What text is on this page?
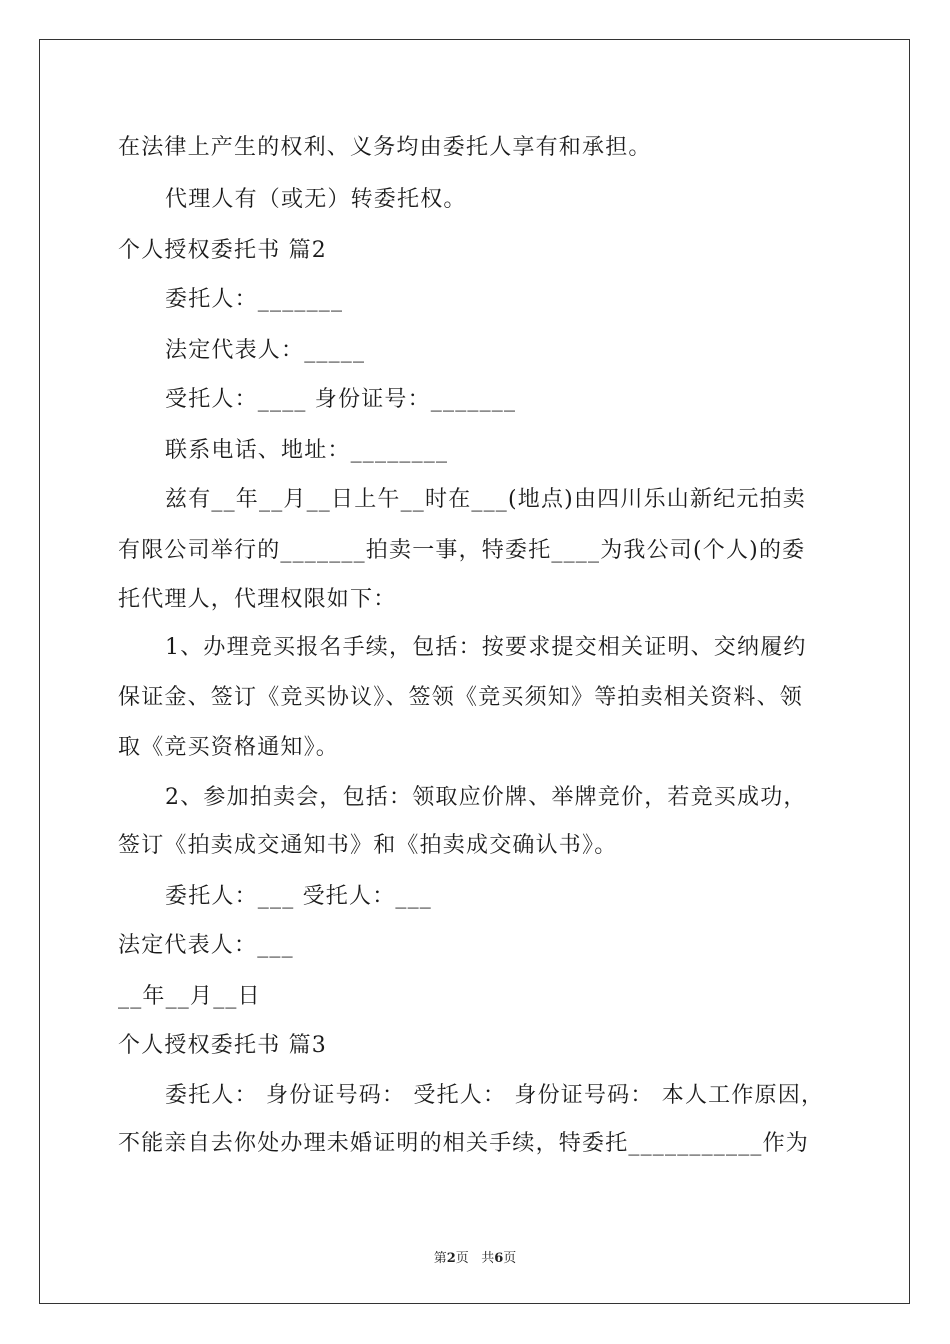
在法律上产生的权利、义务均由委托人享有和承担。
代理人有（或无）转委托权。
个人授权委托书 篇2
委托人：_______
法定代表人：_____
受托人：____ 身份证号：_______
联系电话、地址：________
兹有__年__月__日上午__时在___(地点)由四川乐山新纪元拍卖
有限公司举行的_______拍卖一事，特委托____为我公司(个人)的委
托代理人，代理权限如下：
1、办理竞买报名手续，包括：按要求提交相关证明、交纳履约
保证金、签订《竞买协议》、签领《竞买须知》等拍卖相关资料、领
取《竞买资格通知》。
2、参加拍卖会，包括：领取应价牌、举牌竞价，若竞买成功，
签订《拍卖成交通知书》和《拍卖成交确认书》。
委托人：___ 受托人：___
法定代表人：___
__年__月__日
个人授权委托书 篇3
委托人： 身份证号码： 受托人： 身份证号码： 本人工作原因，
不能亲自去你处办理未婚证明的相关手续，特委托___________作为
第2页 共6页
